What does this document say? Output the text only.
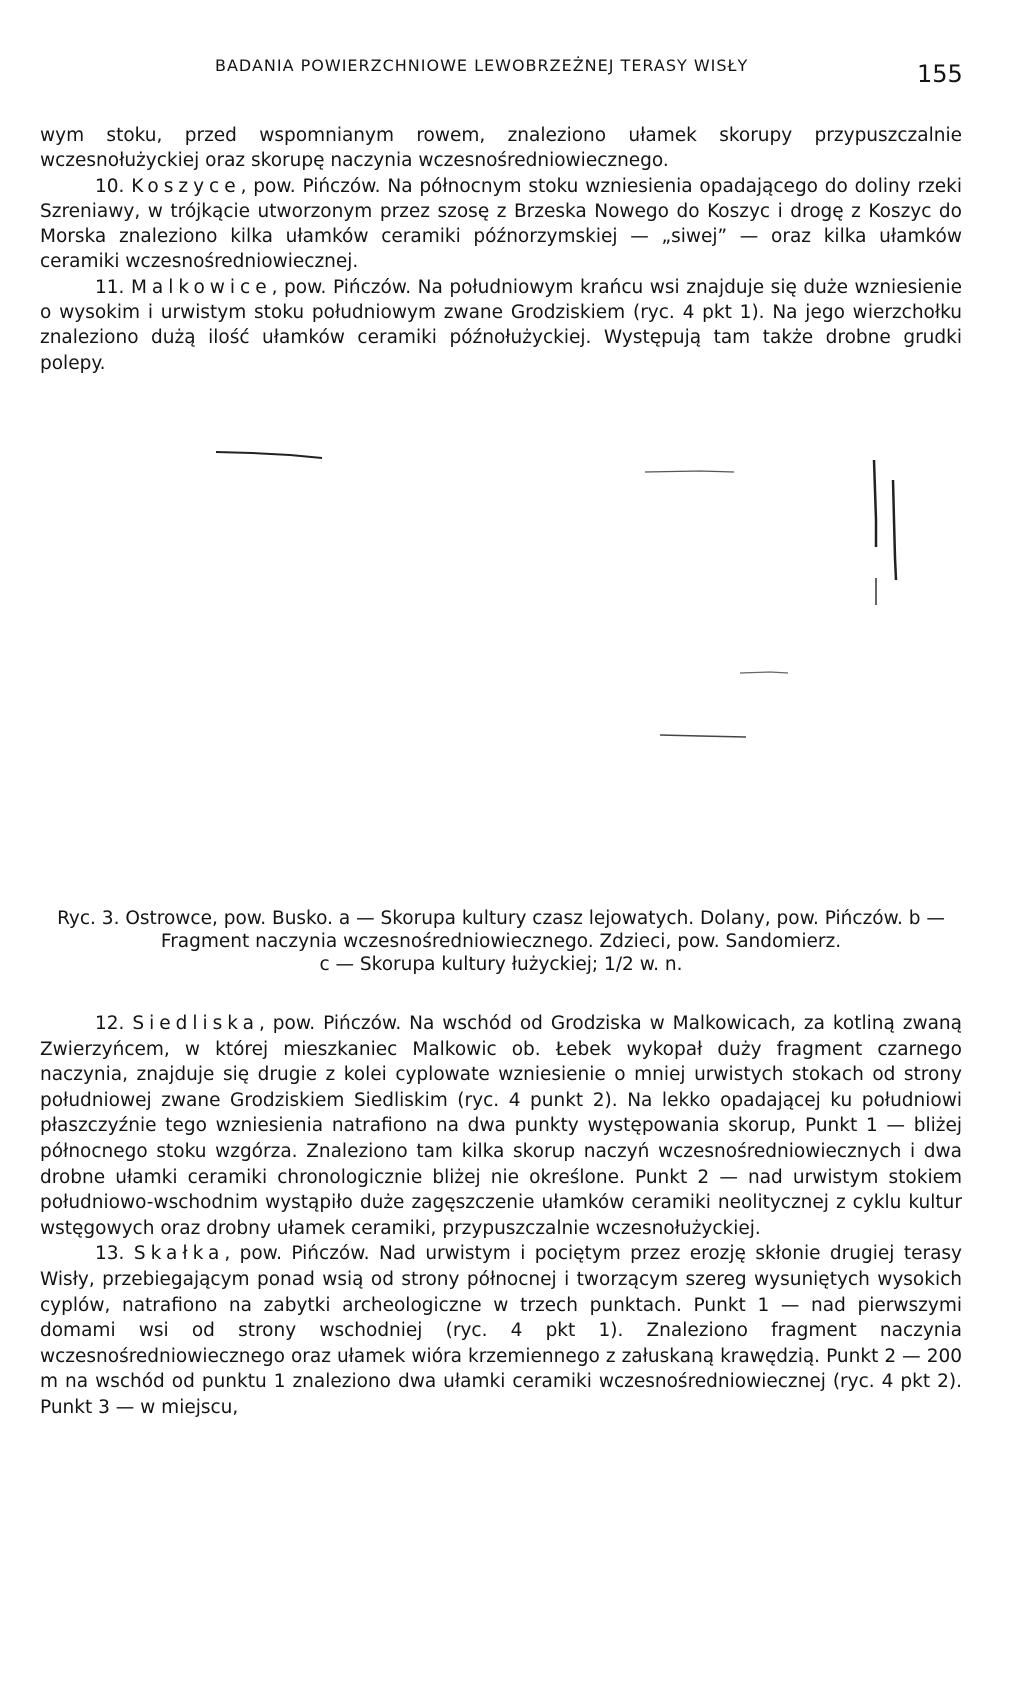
BADANIA POWIERZCHNIOWE LEWOBRZEŻNEJ TERASY WISŁY	155

wym stoku, przed wspomnianym rowem, znaleziono ułamek skorupy przypuszczalnie wczesnołużyckiej oraz skorupę naczynia wczesnośredniowiecznego.

10. Koszyce, pow. Pińczów. Na północnym stoku wzniesienia opadającego do doliny rzeki Szreniawy, w trójkącie utworzonym przez szosę z Brzeska Nowego do Koszyc i drogę z Koszyc do Morska znaleziono kilka ułamków ceramiki późnorzymskiej — „siwej” — oraz kilka ułamków ceramiki wczesnośredniowiecznej.

11. Malkowice, pow. Pińczów. Na południowym krańcu wsi znajduje się duże wzniesienie o wysokim i urwistym stoku południowym zwane Grodziskiem (ryc. 4 pkt 1). Na jego wierzchołku znaleziono dużą ilość ułamków ceramiki późnołużyckiej. Występują tam także drobne grudki polepy.

Ryc. 3. Ostrowce, pow. Busko. a — Skorupa kultury czasz lejowatych. Dolany, pow. Pińczów. b — Fragment naczynia wczesnośredniowiecznego. Zdzieci, pow. Sandomierz.

c — Skorupa kultury łużyckiej; 1/2 w. n.

12. Siedliska, pow. Pińczów. Na wschód od Grodziska w Malkowicach, za kotliną zwaną Zwierzyńcem, w której mieszkaniec Malkowic ob. Łebek wykopał duży fragment czarnego naczynia, znajduje się drugie z kolei cyplowate wzniesienie o mniej urwistych stokach od strony południowej zwane Grodziskiem Siedliskim (ryc. 4 punkt 2). Na lekko opadającej ku południowi płaszczyźnie tego wzniesienia natrafiono na dwa punkty występowania skorup, Punkt 1 — bliżej północnego stoku wzgórza. Znaleziono tam kilka skorup naczyń wczesnośredniowiecznych i dwa drobne ułamki ceramiki chronologicznie bliżej nie określone. Punkt 2 — nad urwistym stokiem południowo-wschodnim wystąpiło duże zagęszczenie ułamków ceramiki neolitycznej z cyklu kultur wstęgowych oraz drobny ułamek ceramiki, przypuszczalnie wczesnołużyckiej.

13. Skałka, pow. Pińczów. Nad urwistym i pociętym przez erozję skłonie drugiej terasy Wisły, przebiegającym ponad wsią od strony północnej i tworzącym szereg wysuniętych wysokich cyplów, natrafiono na zabytki archeologiczne w trzech punktach. Punkt 1 — nad pierwszymi domami wsi od strony wschodniej (ryc. 4 pkt 1). Znaleziono fragment naczynia wczesnośredniowiecznego oraz ułamek wióra krzemiennego z załuskaną krawędzią. Punkt 2 — 200 m na wschód od punktu 1 znaleziono dwa ułamki ceramiki wczesnośredniowiecznej (ryc. 4 pkt 2). Punkt 3 — w miejscu,
